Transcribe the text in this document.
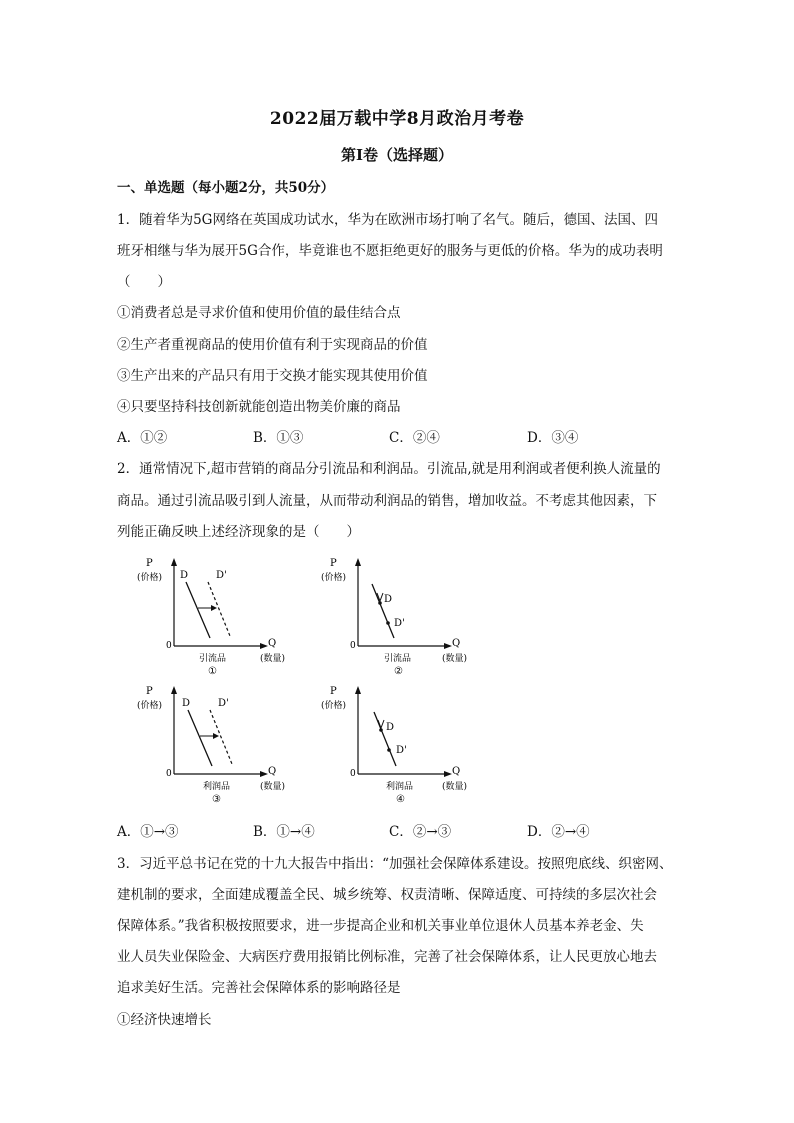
2022届万载中学8月政治月考卷
第Ⅰ卷（选择题）
一、单选题（每小题2分，共50分）
1．随着华为5G网络在英国成功试水，华为在欧洲市场打响了名气。随后，德国、法国、四
班牙相继与华为展开5G合作，毕竟谁也不愿拒绝更好的服务与更低的价格。华为的成功表明
（　　）
①消费者总是寻求价值和使用价值的最佳结合点
②生产者重视商品的使用价值有利于实现商品的价值
③生产出来的产品只有用于交换才能实现其使用价值
④只要坚持科技创新就能创造出物美价廉的商品
A．①②	B．①③	C．②④	D．③④
2．通常情况下,超市营销的商品分引流品和利润品。引流品,就是用利润或者便利换人流量的
商品。通过引流品吸引到人流量，从而带动利润品的销售，增加收益。不考虑其他因素，下
列能正确反映上述经济现象的是（　　）
P
(价格) D	D'
0	Q
引流品	(数量)
①
P
(价格)
D
D'
0	Q
引流品	(数量)
②
P
(价格) D	D'
0	Q
利润品	(数量)
③
P
(价格)
D
D'
0	Q
利润品	(数量)
④
A．①→③	B．①→④	C．②→③	D．②→④
3．习近平总书记在党的十九大报告中指出：“加强社会保障体系建设。按照兜底线、织密网、
建机制的要求，全面建成覆盖全民、城乡统筹、权责清晰、保障适度、可持续的多层次社会
保障体系。”我省积极按照要求，进一步提高企业和机关事业单位退休人员基本养老金、失
业人员失业保险金、大病医疗费用报销比例标准，完善了社会保障体系，让人民更放心地去
追求美好生活。完善社会保障体系的影响路径是
①经济快速增长
